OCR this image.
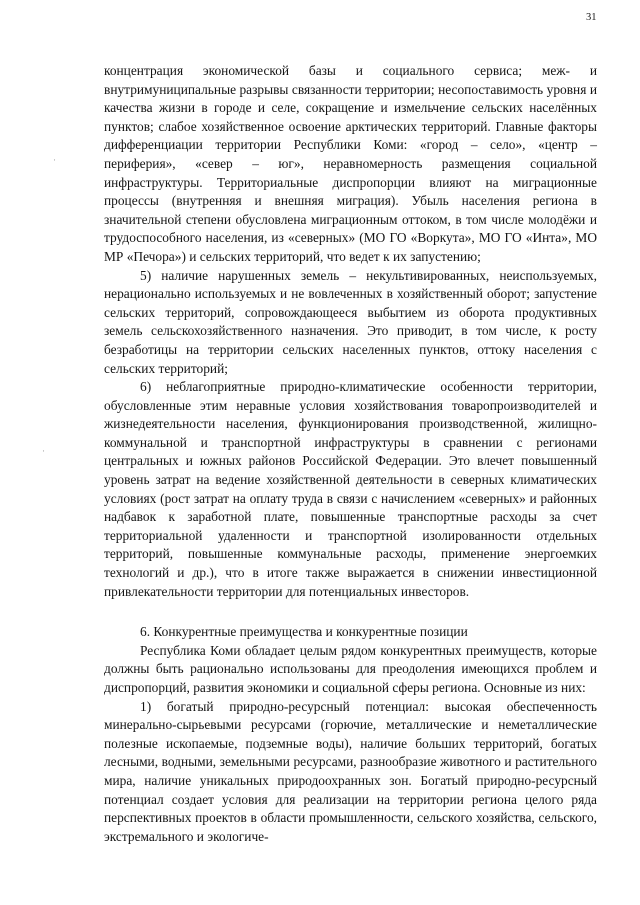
31
·
·

концентрация экономической базы и социального сервиса; меж- и внутримуниципальные разрывы связанности территории; несопоставимость уровня и качества жизни в городе и селе, сокращение и измельчение сельских населённых пунктов; слабое хозяйственное освоение арктических территорий. Главные факторы дифференциации территории Республики Коми: «город – село», «центр – периферия», «север – юг», неравномерность размещения социальной инфраструктуры. Территориальные диспропорции влияют на миграционные процессы (внутренняя и внешняя миграция). Убыль населения региона в значительной степени обусловлена миграционным оттоком, в том числе молодёжи и трудоспособного населения, из «северных» (МО ГО «Воркута», МО ГО «Инта», МО МР «Печора») и сельских территорий, что ведет к их запустению;

5) наличие нарушенных земель – некультивированных, неиспользуемых, нерационально используемых и не вовлеченных в хозяйственный оборот; запустение сельских территорий, сопровождающееся выбытием из оборота продуктивных земель сельскохозяйственного назначения. Это приводит, в том числе, к росту безработицы на территории сельских населенных пунктов, оттоку населения с сельских территорий;

6) неблагоприятные природно-климатические особенности территории, обусловленные этим неравные условия хозяйствования товаропроизводителей и жизнедеятельности населения, функционирования производственной, жилищно-коммунальной и транспортной инфраструктуры в сравнении с регионами центральных и южных районов Российской Федерации. Это влечет повышенный уровень затрат на ведение хозяйственной деятельности в северных климатических условиях (рост затрат на оплату труда в связи с начислением «северных» и районных надбавок к заработной плате, повышенные транспортные расходы за счет территориальной удаленности и транспортной изолированности отдельных территорий, повышенные коммунальные расходы, применение энергоемких технологий и др.), что в итоге также выражается в снижении инвестиционной привлекательности территории для потенциальных инвесторов.

6. Конкурентные преимущества и конкурентные позиции

Республика Коми обладает целым рядом конкурентных преимуществ, которые должны быть рационально использованы для преодоления имеющихся проблем и диспропорций, развития экономики и социальной сферы региона. Основные из них:

1) богатый природно-ресурсный потенциал: высокая обеспеченность минерально-сырьевыми ресурсами (горючие, металлические и неметаллические полезные ископаемые, подземные воды), наличие больших территорий, богатых лесными, водными, земельными ресурсами, разнообразие животного и растительного мира, наличие уникальных природоохранных зон. Богатый природно-ресурсный потенциал создает условия для реализации на территории региона целого ряда перспективных проектов в области промышленности, сельского хозяйства, сельского, экстремального и экологиче-
